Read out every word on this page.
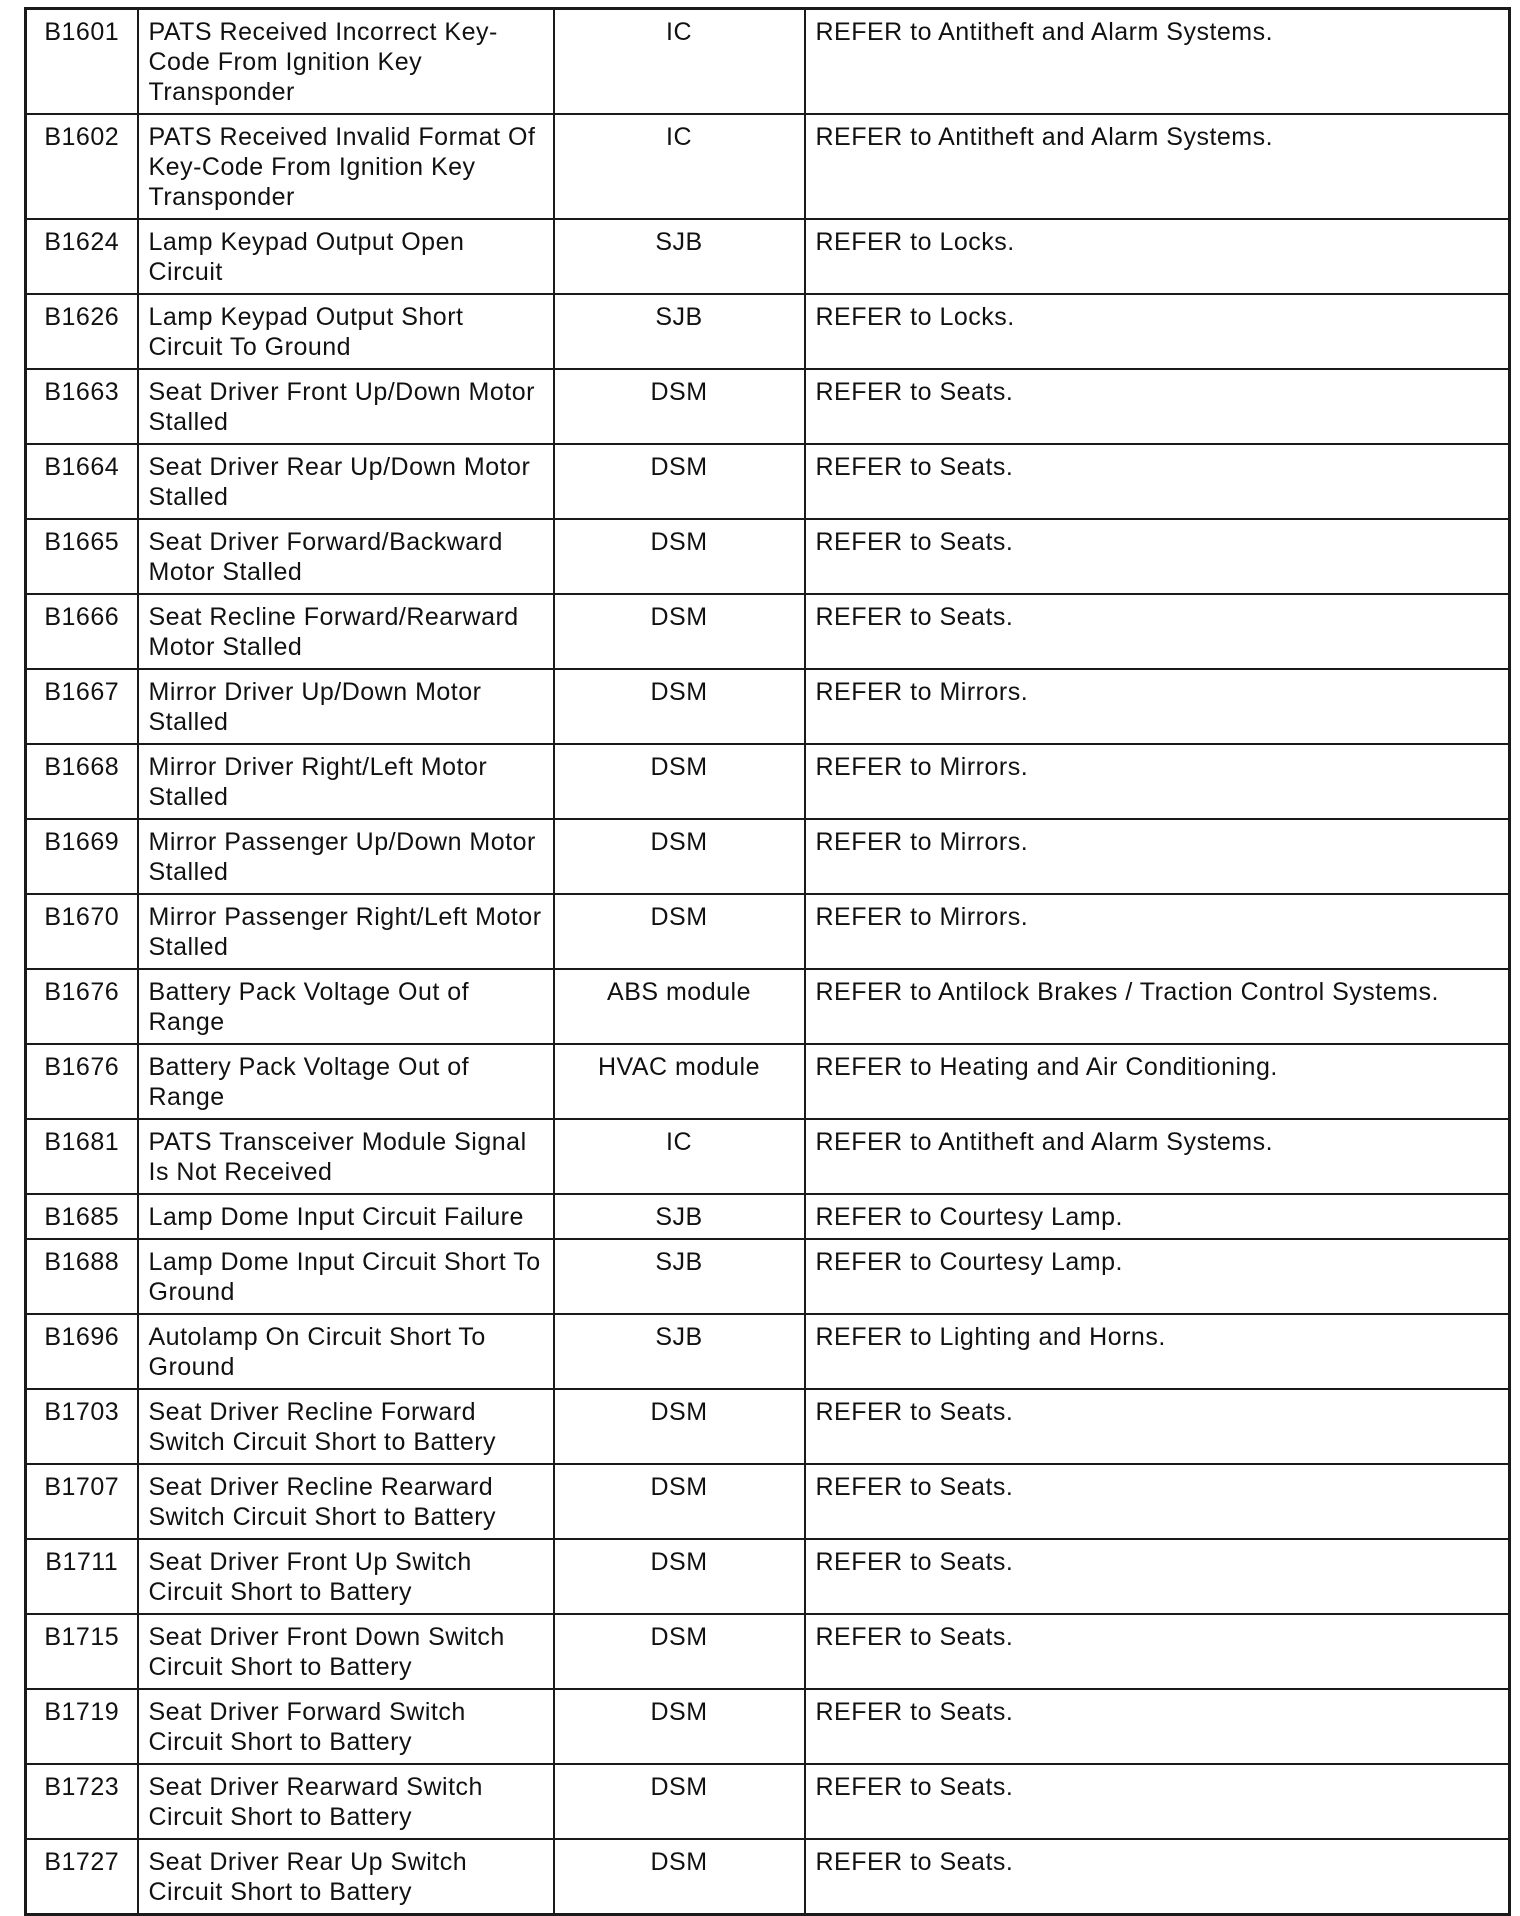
B1601	PATS Received Incorrect Key-Code From Ignition Key Transponder	IC	REFER to Antitheft and Alarm Systems.
B1602	PATS Received Invalid Format Of Key-Code From Ignition Key Transponder	IC	REFER to Antitheft and Alarm Systems.
B1624	Lamp Keypad Output Open Circuit	SJB	REFER to Locks.
B1626	Lamp Keypad Output Short Circuit To Ground	SJB	REFER to Locks.
B1663	Seat Driver Front Up/Down Motor Stalled	DSM	REFER to Seats.
B1664	Seat Driver Rear Up/Down Motor Stalled	DSM	REFER to Seats.
B1665	Seat Driver Forward/Backward Motor Stalled	DSM	REFER to Seats.
B1666	Seat Recline Forward/Rearward Motor Stalled	DSM	REFER to Seats.
B1667	Mirror Driver Up/Down Motor Stalled	DSM	REFER to Mirrors.
B1668	Mirror Driver Right/Left Motor Stalled	DSM	REFER to Mirrors.
B1669	Mirror Passenger Up/Down Motor Stalled	DSM	REFER to Mirrors.
B1670	Mirror Passenger Right/Left Motor Stalled	DSM	REFER to Mirrors.
B1676	Battery Pack Voltage Out of Range	ABS module	REFER to Antilock Brakes / Traction Control Systems.
B1676	Battery Pack Voltage Out of Range	HVAC module	REFER to Heating and Air Conditioning.
B1681	PATS Transceiver Module Signal Is Not Received	IC	REFER to Antitheft and Alarm Systems.
B1685	Lamp Dome Input Circuit Failure	SJB	REFER to Courtesy Lamp.
B1688	Lamp Dome Input Circuit Short To Ground	SJB	REFER to Courtesy Lamp.
B1696	Autolamp On Circuit Short To Ground	SJB	REFER to Lighting and Horns.
B1703	Seat Driver Recline Forward Switch Circuit Short to Battery	DSM	REFER to Seats.
B1707	Seat Driver Recline Rearward Switch Circuit Short to Battery	DSM	REFER to Seats.
B1711	Seat Driver Front Up Switch Circuit Short to Battery	DSM	REFER to Seats.
B1715	Seat Driver Front Down Switch Circuit Short to Battery	DSM	REFER to Seats.
B1719	Seat Driver Forward Switch Circuit Short to Battery	DSM	REFER to Seats.
B1723	Seat Driver Rearward Switch Circuit Short to Battery	DSM	REFER to Seats.
B1727	Seat Driver Rear Up Switch Circuit Short to Battery	DSM	REFER to Seats.
